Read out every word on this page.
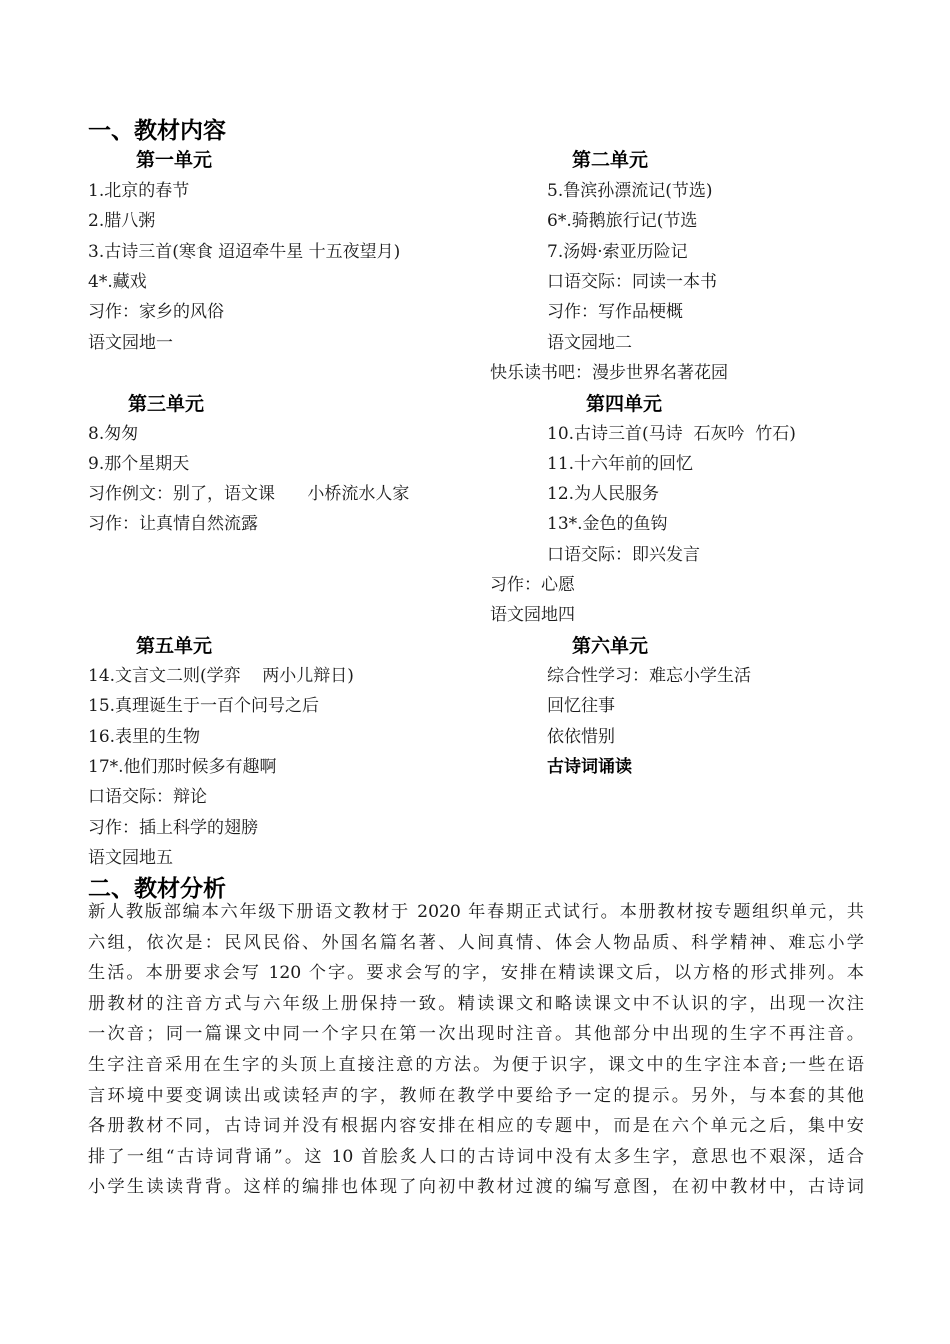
一、教材内容
第一单元
1.北京的春节
2.腊八粥
3.古诗三首(寒食 迢迢牵牛星 十五夜望月)
4*.藏戏
习作：家乡的风俗
语文园地一
第二单元
5.鲁滨孙漂流记(节选)
6*.骑鹅旅行记(节选
7.汤姆·索亚历险记
口语交际：同读一本书
习作：写作品梗概
语文园地二
快乐读书吧：漫步世界名著花园
第三单元
8.匆匆
9.那个星期天
习作例文：别了，语文课      小桥流水人家
习作：让真情自然流露
第四单元
10.古诗三首(马诗  石灰吟  竹石)
11.十六年前的回忆
12.为人民服务
13*.金色的鱼钩
口语交际：即兴发言
习作：心愿
语文园地四
第五单元
14.文言文二则(学弈    两小儿辩日)
15.真理诞生于一百个问号之后
16.表里的生物
17*.他们那时候多有趣啊
口语交际：辩论
习作：插上科学的翅膀
语文园地五
第六单元
综合性学习：难忘小学生活
回忆往事
依依惜别
古诗词诵读
二、教材分析
新人教版部编本六年级下册语文教材于 2020 年春期正式试行。本册教材按专题组织单元，共
六组，依次是：民风民俗、外国名篇名著、人间真情、体会人物品质、科学精神、难忘小学
生活。本册要求会写 120 个字。要求会写的字，安排在精读课文后，以方格的形式排列。本
册教材的注音方式与六年级上册保持一致。精读课文和略读课文中不认识的字，出现一次注
一次音；同一篇课文中同一个字只在第一次出现时注音。其他部分中出现的生字不再注音。
生字注音采用在生字的头顶上直接注意的方法。为便于识字，课文中的生字注本音;一些在语
言环境中要变调读出或读轻声的字，教师在教学中要给予一定的提示。另外，与本套的其他
各册教材不同，古诗词并没有根据内容安排在相应的专题中，而是在六个单元之后，集中安
排了一组“古诗词背诵”。这 10 首脍炙人口的古诗词中没有太多生字，意思也不艰深，适合
小学生读读背背。这样的编排也体现了向初中教材过渡的编写意图，在初中教材中，古诗词
